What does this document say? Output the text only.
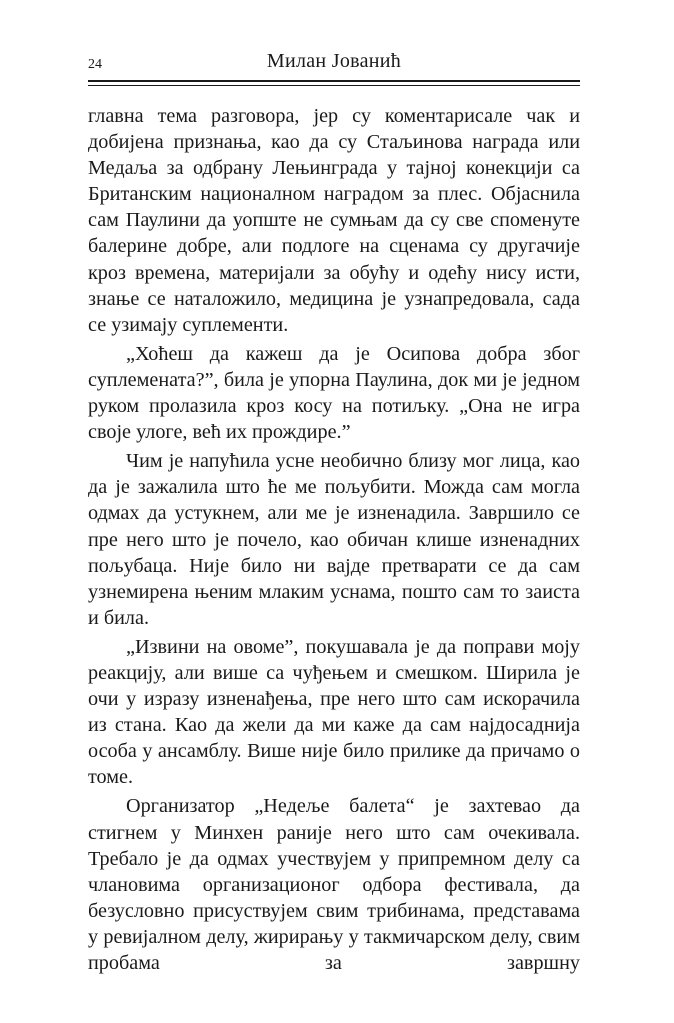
24	Милан Јованић

главна тема разговора, јер су коментарисале чак и добијена признања, као да су Стаљинова награда или Медаља за одбрану Лењинграда у тајној конекцији са Британским националном наградом за плес. Објаснила сам Паулини да уопште не сумњам да су све споменуте балерине добре, али подлоге на сценама су другачије кроз времена, материјали за обућу и одећу нису исти, знање се наталожило, медицина је узнапредовала, сада се узимају суплементи.

„Хоћеш да кажеш да је Осипова добра због суплемената?”, била је упорна Паулина, док ми је једном руком пролазила кроз косу на потиљку. „Она не игра своје улоге, већ их прождире.”

Чим је напућила усне необично близу мог лица, као да је зажалила што ће ме пољубити. Можда сам могла одмах да устукнем, али ме је изненадила. Завршило се пре него што је почело, као обичан клише изненадних пољубаца. Није било ни вајде претварати се да сам узнемирена њеним млаким уснама, пошто сам то заиста и била.

„Извини на овоме”, покушавала је да поправи моју реакцију, али више са чуђењем и смешком. Ширила је очи у изразу изненађења, пре него што сам искорачила из стана. Као да жели да ми каже да сам најдосаднија особа у ансамблу. Више није било прилике да причамо о томе.

Организатор „Недеље балета“ је захтевао да стигнем у Минхен раније него што сам очекивала. Требало је да одмах учествујем у припремном делу са члановима организационог одбора фестивала, да безусловно присуствујем свим трибинама, представама у ревијалном делу, жирирању у такмичарском делу, свим пробама за завршну
